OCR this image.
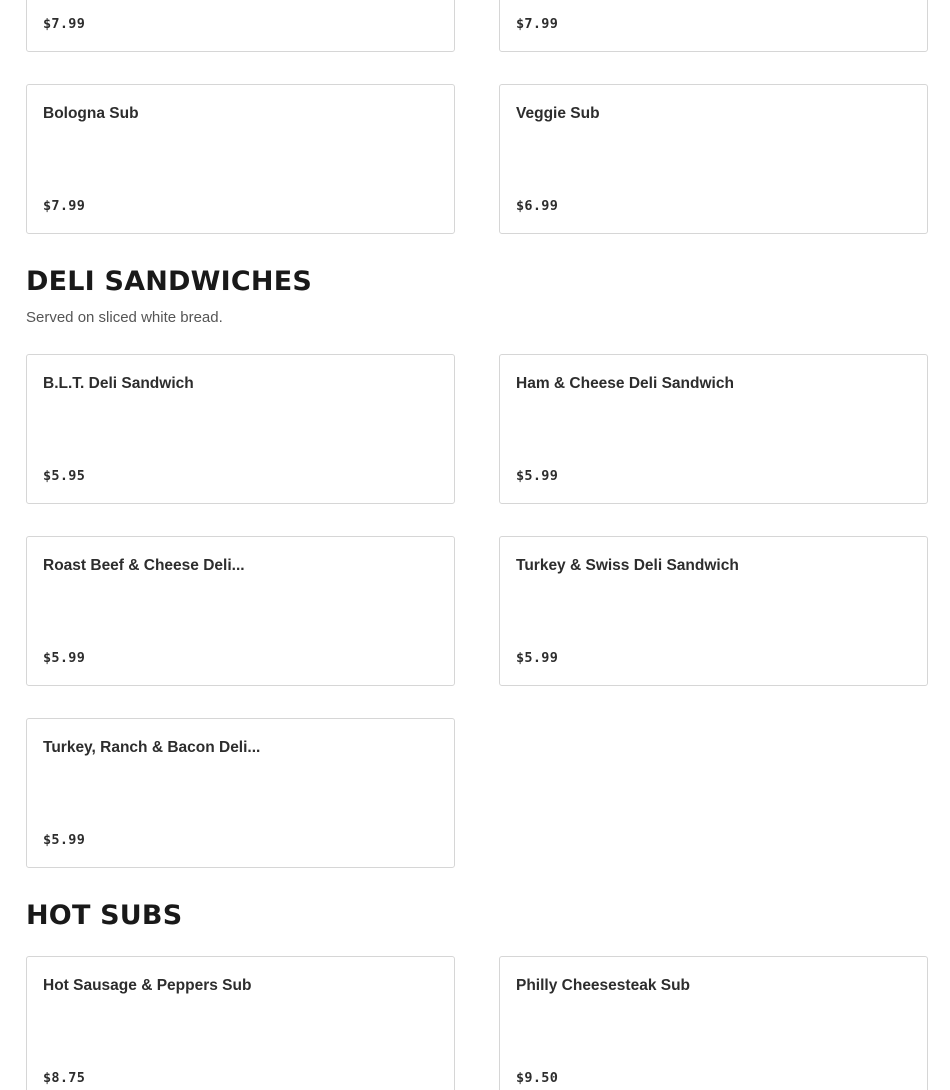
$7.99	$7.99
Bologna Sub
$7.99
Veggie Sub
$6.99
DELI SANDWICHES

Served on sliced white bread.

B.L.T. Deli Sandwich
$5.95
Ham & Cheese Deli Sandwich
$5.99
Roast Beef & Cheese Deli...
$5.99
Turkey & Swiss Deli Sandwich
$5.99
Turkey, Ranch & Bacon Deli...
$5.99
HOT SUBS
Hot Sausage & Peppers Sub
$8.75
Philly Cheesesteak Sub
$9.50
